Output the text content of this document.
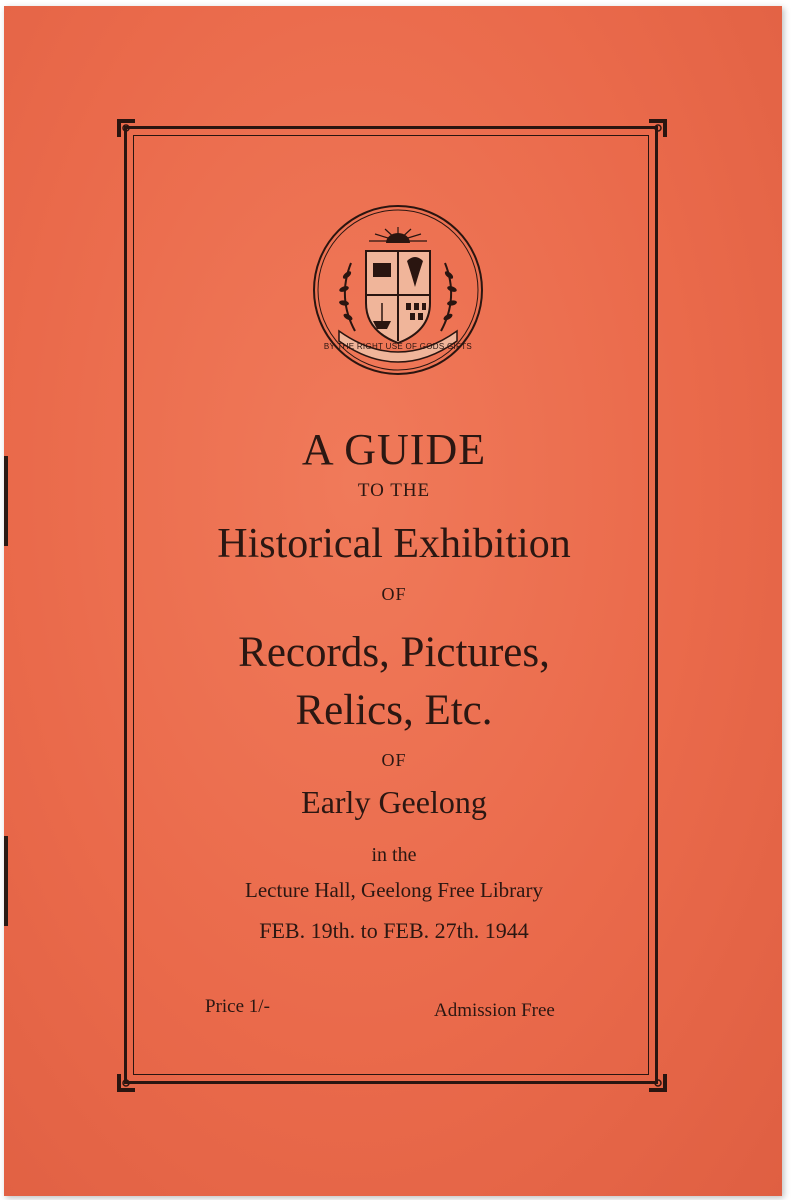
BY THE RIGHT USE OF GODS GIFTS
A GUIDE
TO THE
Historical Exhibition
OF
Records, Pictures,
Relics, Etc.
OF
Early Geelong
in the
Lecture Hall, Geelong Free Library
FEB. 19th. to FEB. 27th. 1944
Price 1/-	Admission Free
